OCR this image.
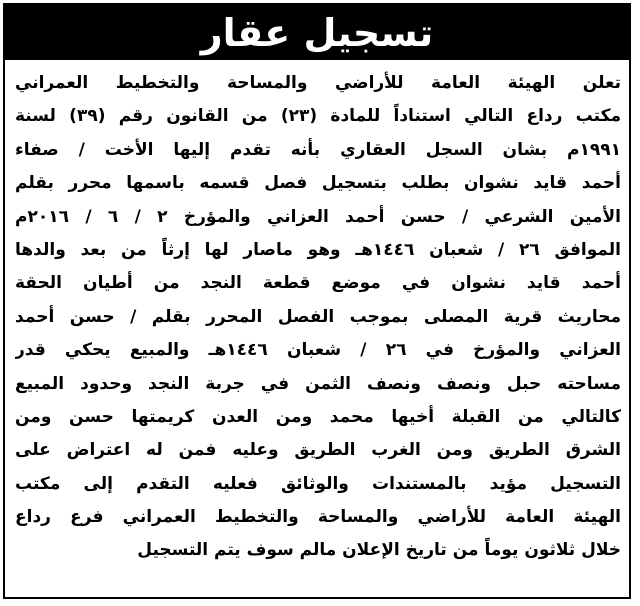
تسجيل عقار
تعلن الهيئة العامة للأراضي والمساحة والتخطيط العمراني
مكتب رداع التالي استناداً للمادة (٢٣) من القانون رقم (٣٩) لسنة
١٩٩١م بشان السجل العقاري بأنه تقدم إليها الأخت / صفاء
أحمد قايد نشوان بطلب بتسجيل فصل قسمه باسمها محرر بقلم
الأمين الشرعي / حسن أحمد العزاني والمؤرخ ٢ / ٦ / ٢٠١٦م
الموافق ٢٦ / شعبان ١٤٤٦هـ وهو ماصار لها إرثاً من بعد والدها
أحمد قايد نشوان في موضع قطعة النجد من أطيان الحقة
محاريث قرية المصلى بموجب الفصل المحرر بقلم / حسن أحمد
العزاني والمؤرخ في ٢٦ / شعبان ١٤٤٦هـ والمبيع يحكي قدر
مساحته حبل ونصف ونصف الثمن في جربة النجد وحدود المبيع
كالتالي من القبلة أخيها محمد ومن العدن كريمتها حسن ومن
الشرق الطريق ومن الغرب الطريق وعليه فمن له اعتراض على
التسجيل مؤيد بالمستندات والوثائق فعليه التقدم إلى مكتب
الهيئة العامة للأراضي والمساحة والتخطيط العمراني فرع رداع
خلال ثلاثون يوماً من تاريخ الإعلان مالم سوف يتم التسجيل
